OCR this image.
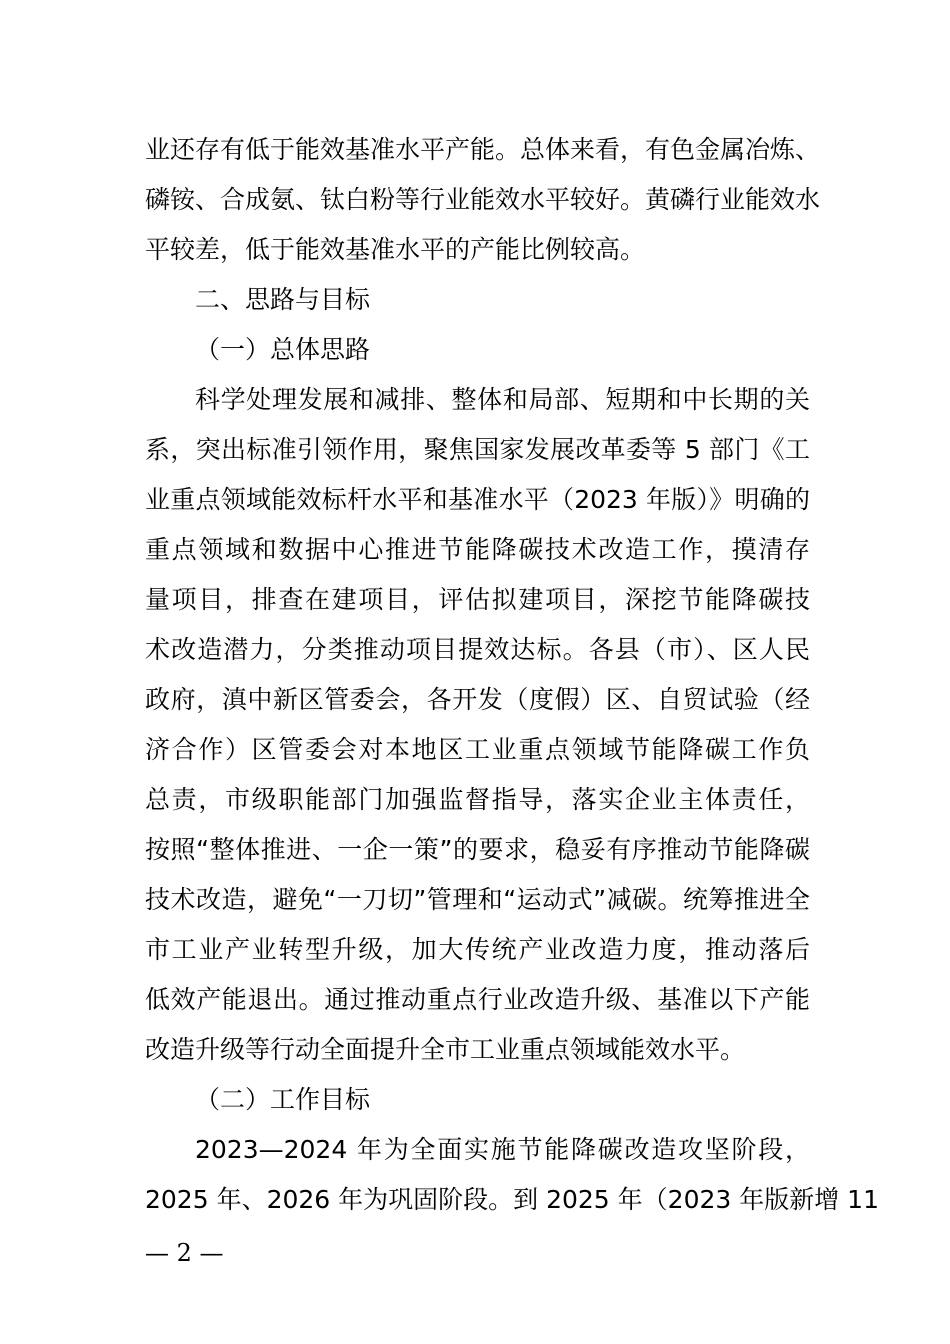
业还存有低于能效基准水平产能。总体来看，有色金属冶炼、
磷铵、合成氨、钛白粉等行业能效水平较好。黄磷行业能效水
平较差，低于能效基准水平的产能比例较高。
二、思路与目标
（一）总体思路
科学处理发展和减排、整体和局部、短期和中长期的关
系，突出标准引领作用，聚焦国家发展改革委等 5 部门《工
业重点领域能效标杆水平和基准水平（2023 年版）》明确的
重点领域和数据中心推进节能降碳技术改造工作，摸清存
量项目，排查在建项目，评估拟建项目，深挖节能降碳技
术改造潜力，分类推动项目提效达标。各县（市）、区人民
政府，滇中新区管委会，各开发（度假）区、自贸试验（经
济合作）区管委会对本地区工业重点领域节能降碳工作负
总责，市级职能部门加强监督指导，落实企业主体责任，
按照“整体推进、一企一策”的要求，稳妥有序推动节能降碳
技术改造，避免“一刀切”管理和“运动式”减碳。统筹推进全
市工业产业转型升级，加大传统产业改造力度，推动落后
低效产能退出。通过推动重点行业改造升级、基准以下产能
改造升级等行动全面提升全市工业重点领域能效水平。
（二）工作目标
2023—2024 年为全面实施节能降碳改造攻坚阶段，
2025 年、2026 年为巩固阶段。到 2025 年（2023 年版新增 11
— 2 —
